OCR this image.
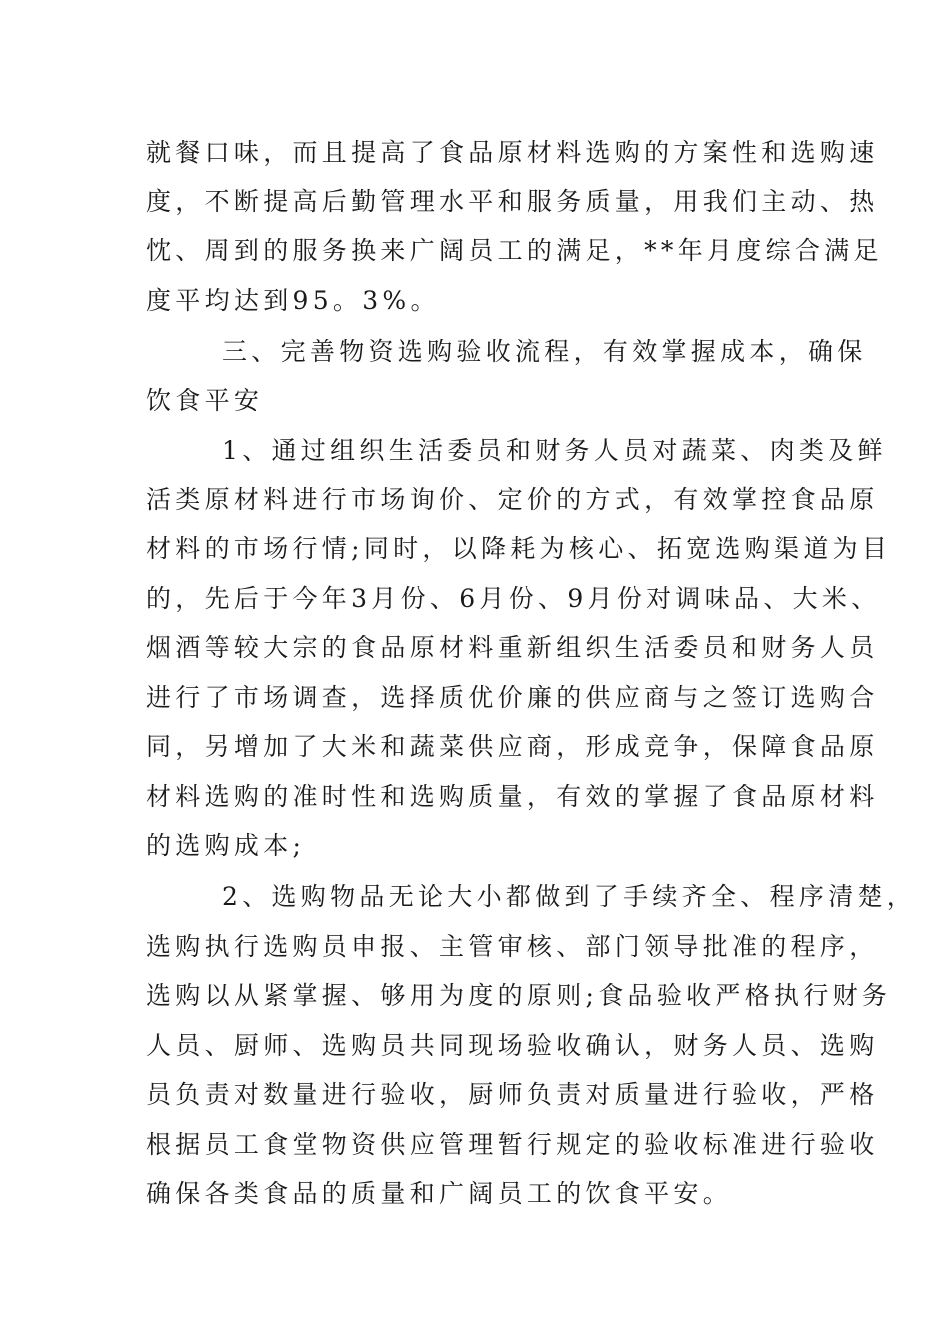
就餐口味，而且提高了食品原材料选购的方案性和选购速
度，不断提高后勤管理水平和服务质量，用我们主动、热
忱、周到的服务换来广阔员工的满足，**年月度综合满足
度平均达到95。3%。
三、完善物资选购验收流程，有效掌握成本，确保
饮食平安
1、通过组织生活委员和财务人员对蔬菜、肉类及鲜
活类原材料进行市场询价、定价的方式，有效掌控食品原
材料的市场行情;同时，以降耗为核心、拓宽选购渠道为目
的，先后于今年3月份、6月份、9月份对调味品、大米、
烟酒等较大宗的食品原材料重新组织生活委员和财务人员
进行了市场调查，选择质优价廉的供应商与之签订选购合
同，另增加了大米和蔬菜供应商，形成竞争，保障食品原
材料选购的准时性和选购质量，有效的掌握了食品原材料
的选购成本;
2、选购物品无论大小都做到了手续齐全、程序清楚，
选购执行选购员申报、主管审核、部门领导批准的程序，
选购以从紧掌握、够用为度的原则;食品验收严格执行财务
人员、厨师、选购员共同现场验收确认，财务人员、选购
员负责对数量进行验收，厨师负责对质量进行验收，严格
根据员工食堂物资供应管理暂行规定的验收标准进行验收
确保各类食品的质量和广阔员工的饮食平安。
